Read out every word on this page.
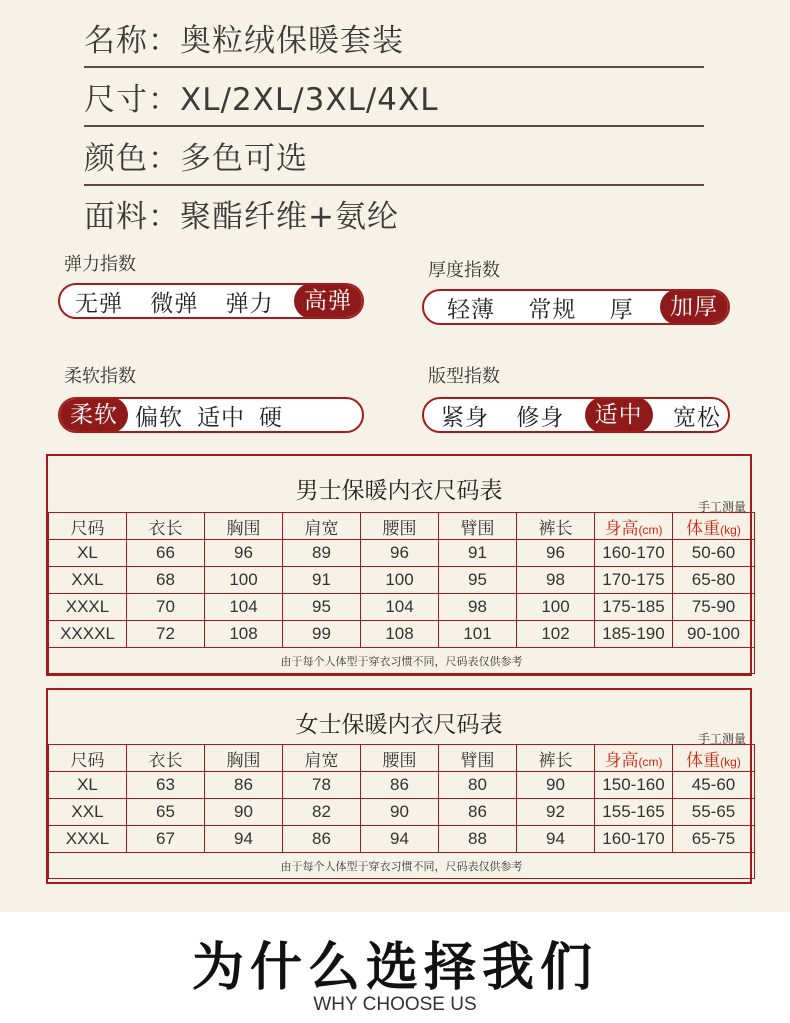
名称：奥粒绒保暖套装
尺寸：XL/2XL/3XL/4XL
颜色：多色可选
面料：聚酯纤维+氨纶
弹力指数	厚度指数
柔软指数	版型指数
无弹	微弹	弹力	高弹	轻薄	常规	厚	加厚
柔软 偏软 适中 硬	紧身	修身	适中	宽松
男士保暖内衣尺码表
手工测量
尺码	衣长	胸围	肩宽	腰围	臂围	裤长	身高(cm)	体重(kg)
XL	66	96	89	96	91	96	160-170	50-60
XXL	68	100	91	100	95	98	170-175	65-80
XXXL	70	104	95	104	98	100	175-185	75-90
XXXXL	72	108	99	108	101	102	185-190	90-100
由于每个人体型于穿衣习惯不同，尺码表仅供参考								
女士保暖内衣尺码表
手工测量
尺码	衣长	胸围	肩宽	腰围	臂围	裤长	身高(cm)	体重(kg)
XL	63	86	78	86	80	90	150-160	45-60
XXL	65	90	82	90	86	92	155-165	55-65
XXXL	67	94	86	94	88	94	160-170	65-75
由于每个人体型于穿衣习惯不同，尺码表仅供参考								
为什么选择我们
WHY CHOOSE US
